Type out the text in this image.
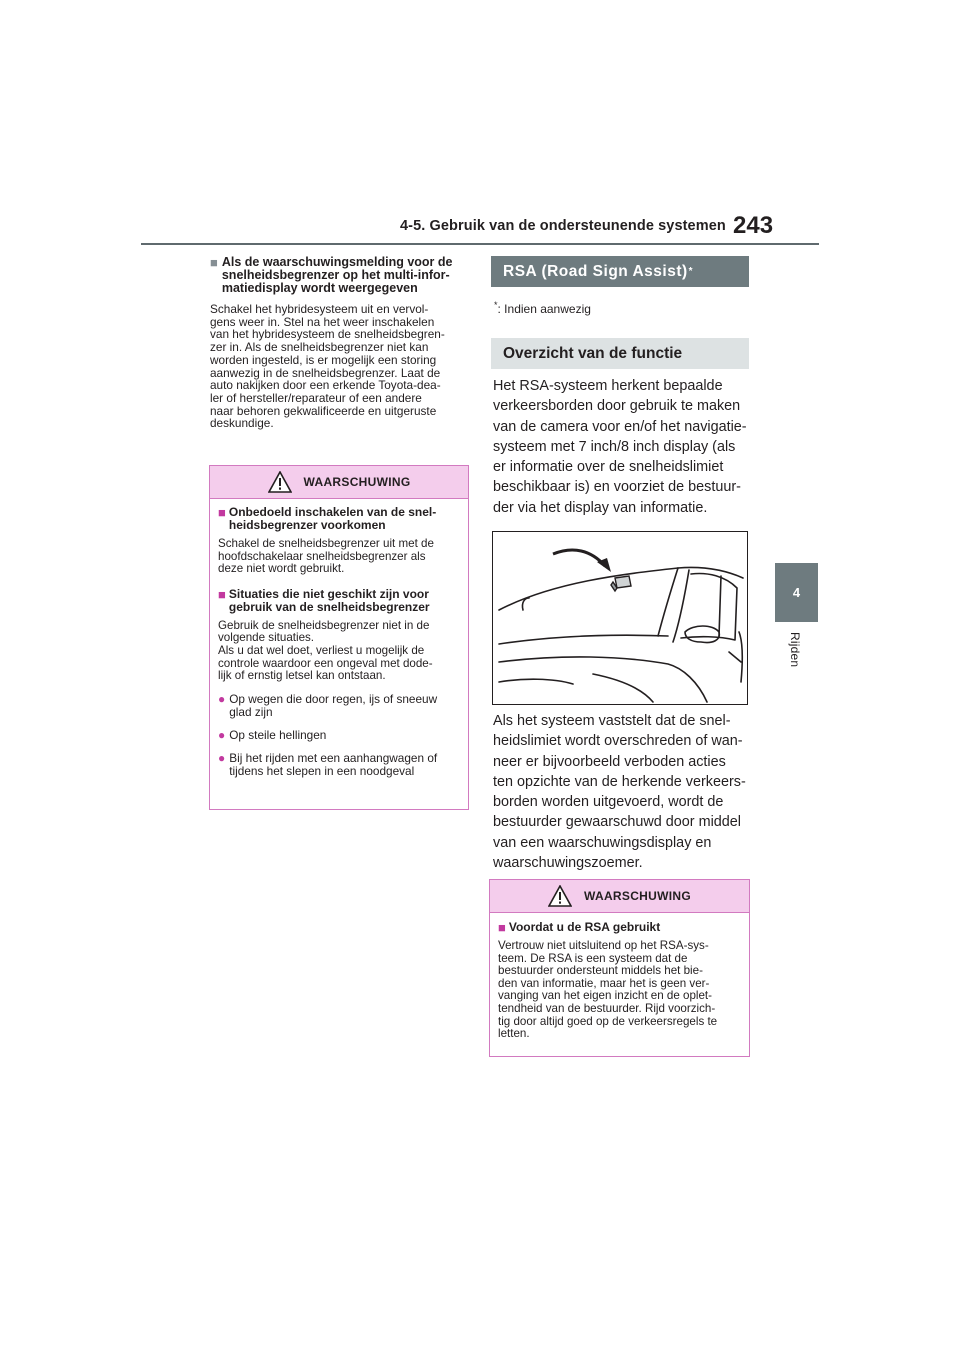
4-5. Gebruik van de ondersteunende systemen 243
4
Rijden
■ Als de waarschuwingsmelding voor de
snelheidsbegrenzer op het multi-infor-
matiedisplay wordt weergegeven
Schakel het hybridesysteem uit en vervol-
gens weer in. Stel na het weer inschakelen
van het hybridesysteem de snelheidsbegren-
zer in. Als de snelheidsbegrenzer niet kan
worden ingesteld, is er mogelijk een storing
aanwezig in de snelheidsbegrenzer. Laat de
auto nakijken door een erkende Toyota-dea-
ler of hersteller/reparateur of een andere
naar behoren gekwalificeerde en uitgeruste
deskundige.
WAARSCHUWING
■ Onbedoeld inschakelen van de snel-
heidsbegrenzer voorkomen
Schakel de snelheidsbegrenzer uit met de
hoofdschakelaar snelheidsbegrenzer als
deze niet wordt gebruikt.
■ Situaties die niet geschikt zijn voor
gebruik van de snelheidsbegrenzer
Gebruik de snelheidsbegrenzer niet in de
volgende situaties.
Als u dat wel doet, verliest u mogelijk de
controle waardoor een ongeval met dode-
lijk of ernstig letsel kan ontstaan.
● Op wegen die door regen, ijs of sneeuw
glad zijn
● Op steile hellingen
● Bij het rijden met een aanhangwagen of
tijdens het slepen in een noodgeval
RSA (Road Sign Assist) *
*: Indien aanwezig
Overzicht van de functie
Het RSA-systeem herkent bepaalde
verkeersborden door gebruik te maken
van de camera voor en/of het navigatie-
systeem met 7 inch/8 inch display (als
er informatie over de snelheidslimiet
beschikbaar is) en voorziet de bestuur-
der via het display van informatie.
Als het systeem vaststelt dat de snel-
heidslimiet wordt overschreden of wan-
neer er bijvoorbeeld verboden acties
ten opzichte van de herkende verkeers-
borden worden uitgevoerd, wordt de
bestuurder gewaarschuwd door middel
van een waarschuwingsdisplay en
waarschuwingszoemer.
WAARSCHUWING
■ Voordat u de RSA gebruikt
Vertrouw niet uitsluitend op het RSA-sys-
teem. De RSA is een systeem dat de
bestuurder ondersteunt middels het bie-
den van informatie, maar het is geen ver-
vanging van het eigen inzicht en de oplet-
tendheid van de bestuurder. Rijd voorzich-
tig door altijd goed op de verkeersregels te
letten.
